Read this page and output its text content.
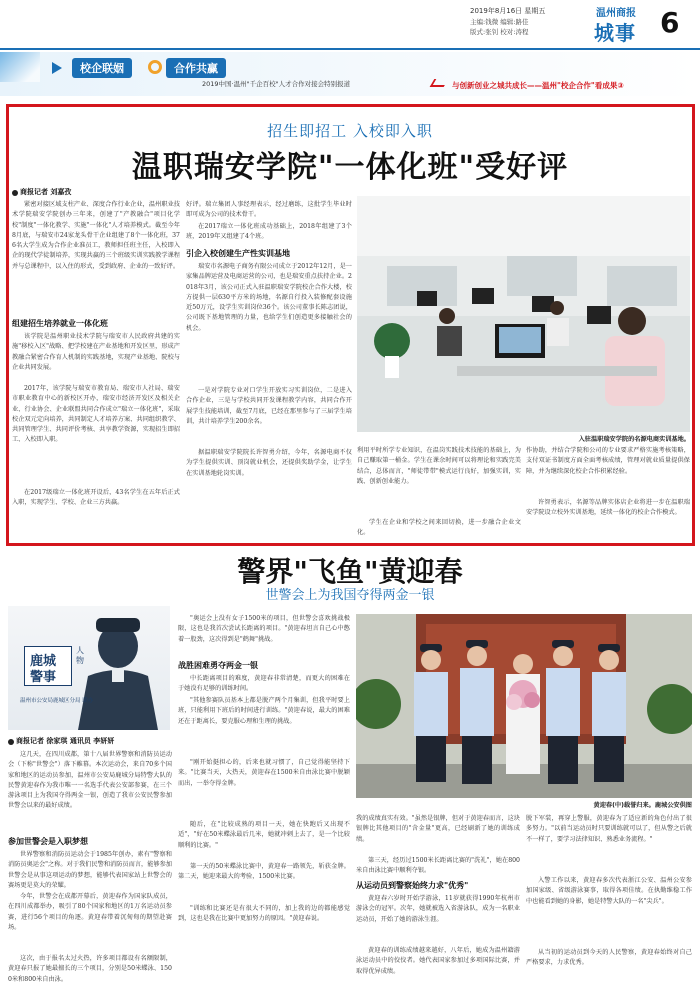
2019年8月16日 星期五
主编:钱微 编辑:路佳
版式:张钊 校对:涛程
温州商报
城事 6
校企联姻	合作共赢
2019中国·温州"千企百校"人才合作对接会特别报道	与创新创业之城共成长——温州"校企合作"看成果③
招生即招工 入校即入职
温职瑞安学院"一体化班"受好评
商报记者 刘嘉孜
紧密对接区域支柱产业、深度合作行业企业，温州职业技术学院瑞安学院创办三年来，创建了"产教融合"项目化学校"制度"一体化教学、实施"一体化"人才培养模式。截至今年8月底，与瑞安市24家龙头骨干企业组建了8个一体化班，376名大学生成为合作企业准员工，教师担任班主任，入校即入企的现代学徒制培养，实现共赢的三个班级实训实践教学课程并与总课程中，以入住的形式，受到政府、企业的一致好评。
组建招生培养就业一体化班
该学院是温州职业技术学院与瑞安市人民政府共建的实施"移校入区"战略、把学校建在产业基地和开发区里，形成产教融合紧密合作育人机制的实践基地，实现产业基地、院校与企业共同发展。
2017年，该学院与瑞安市教育局、瑞安市人社局、瑞安市职业教育中心的新校区开办，瑞安市经济开发区及相关企业、行业协会、企业联盟共同合作成立"瑞立一体化班"，采取校企双元定向培养，共同制定人才培养方案、共同组织教学、共同管理学生、共同评价考核、共享教学资源，实现招生即招工、入校即入职。
在2017级瑞立一体化班开设后，43名学生在五年后正式入职，实现学生、学校、企业三方共赢。
好评。瑞立集团人事经理表示，经过磨练，这批学生毕业时即可成为公司的技术骨干。
在2017瑞立一体化班成功基础上，2018年组建了3个班，2019年又组建了4个班。
引企入校创建生产性实训基地
瑞安市名源电子商务有限公司成立于2012年12月，是一家集品牌运营及电商运营的公司，也是瑞安重点扶持企业。2018年3月，该公司正式入驻温职瑞安学院校企合作大楼，校方提供一层630平方米的场地，名源自行投入装修配套设施近50万元，设学生实训岗位36个。该公司董事长陈志团说，公司既下基地管理的力量，也给学生们创造更多接触社会的机会。
一是对学院专业对口学生开放实习实训岗位，二是进入合作企业，三是与学校共同开发课程教学内容，共同合作开展学生技能培训，截至7月底，已经在那里参与了三届学生培训，共计培养学生200余名。
据温职瑞安学院院长许智勇介绍，今年，名源电商不仅为学生提供实训、顶岗就业机会，还提供奖助学金，让学生在实训基地轮岗实训。
入驻温职瑞安学院的名源电商实训基地。
利用平时所学专业知识，在温岗实践技术技能的基础上，为自己赚取第一桶金。学生在课余时间可以将理论和实践完美结合，总体而言，"师徒带带"模式运行良好，加强实训，实践、创新创业能力。
学生在企业和学校之间来回切换，进一步融合企业文化。
作协助，并结合学院和公司的专业要求严格实施考核策略，支付双证书制度方面全面考核成绩，管理对就业质量提供保障，并为继续深化校企合作积累经验。
许智勇表示，名源等品牌实体店企业将进一步在温职瑞安学院设立校外实训基地，延续一体化的校企合作模式。
警界"飞鱼"黄迎春
世警会上为我国夺得两金一银
鹿城
警事
人物
温州市公安局鹿城区分局 联办
商报记者 徐家琪 通讯员 李妍妍
这几天，在四川成都，第十八届世界警察和消防员运动会（下称"世警会"）落下帷幕。本次运动会，来自70多个国家和地区的运动员参加，温州市公安局鹿城分局特警大队的民警黄迎春作为我市唯一一名选手代表公安部参赛，在三个游泳项目上为我国夺得两金一银，创造了我市公安民警参加世警会以来的最好成绩。
参加世警会是入职梦想
世界警察和消防员运动会于1985年创办，素有"警察和消防员奥运会"之称。对于我们民警和消防员而言，能够参加世警会是从事这项运动的梦想，能够代表国家站上世警会的赛场更是莫大的荣耀。
今年，世警会在成都开幕后，黄迎春作为国家队成员，在四川成都举办，吸引了80个国家和地区的1万名运动员参赛，进行56个项目的角逐。黄迎春带着沉甸甸的期望赴赛场。
这次，由于报名太过火热，许多项目都设有名额限制，黄迎春只报了她最擅长的三个项目，分别是50米蝶泳、1500米和800米自由泳。
"奥运会上没有女子1500米的项目，但世警会喜欢挑战极限，这也是我首次尝试长距离的项目。"黄迎春坦言自己心中憋着一股劲，这次得到是"鹤舞"挑战。
战胜困难勇夺两金一银
中长距离项目的难度，黄迎春非常清楚，而更大的困难在于她没有足够的训练时间。
"其他参赛队员基本上都是脱产两个月集训，但我平时要上班，只能利用下班后的时间进行训练。"黄迎春说，最大的困难还在于距离长，要克服心理和生理的挑战。
"刚开始挺担心的，后来也就习惯了，自己觉得能坚持下来。"比赛当天，大热天，黄迎春在1500米自由泳比赛中脱颖而出，一举夺得金牌。
随后，在"比较成熟的项目一天，她在快跑后又出现不适"，"好在50米蝶泳最后几米，她就冲刺上去了，是一个比较顺利的比赛。"
第一天的50米蝶泳比赛中，黄迎春一路领先，斩获金牌。第二天，她迎来最大的考验，1500米比赛。
"训练和比赛还是有很大不同的，加上我的边的都能感觉到，这也是我在比赛中更加努力的原因。"黄迎春说。
黄迎春(中)载誉归来。鹿城公安供图
我的成绩真实有效。"虽然是银牌，但对于黄迎春而言，这块银牌比其他项目的"含金量"更高，已经刷新了她的训练成绩。
第三天，经历过1500米长距离比赛的"洗礼"，她在800米自由泳比赛中顺利夺银。
从运动员到警察始终力求"优秀"
黄迎春六岁时开始学游泳，11岁就获得1990年杭州市游泳会的冠军。次年，她就被选入省游泳队，成为一名职业运动员，开始了她的游泳生涯。
黄迎春的训练成绩越来越好，八年后，她成为温州籍游泳运动员中的佼佼者。她代表国家参加过多项国际比赛，并取得优异成绩。
脱下军装，再穿上警服，黄迎春为了适应新的角色付出了很多努力。"以前当运动员时只要训练就可以了，但从警之后就不一样了，要学习法律知识、熟悉业务流程。"
入警工作以来，黄迎春多次代表浙江公安、温州公安参加国家级、省级游泳赛事，取得各项佳绩。在执勤维稳工作中也能看到她的身影，她是特警大队的一名"尖兵"。
从当初的运动员到今天的人民警察，黄迎春始终对自己严格要求，力求优秀。
